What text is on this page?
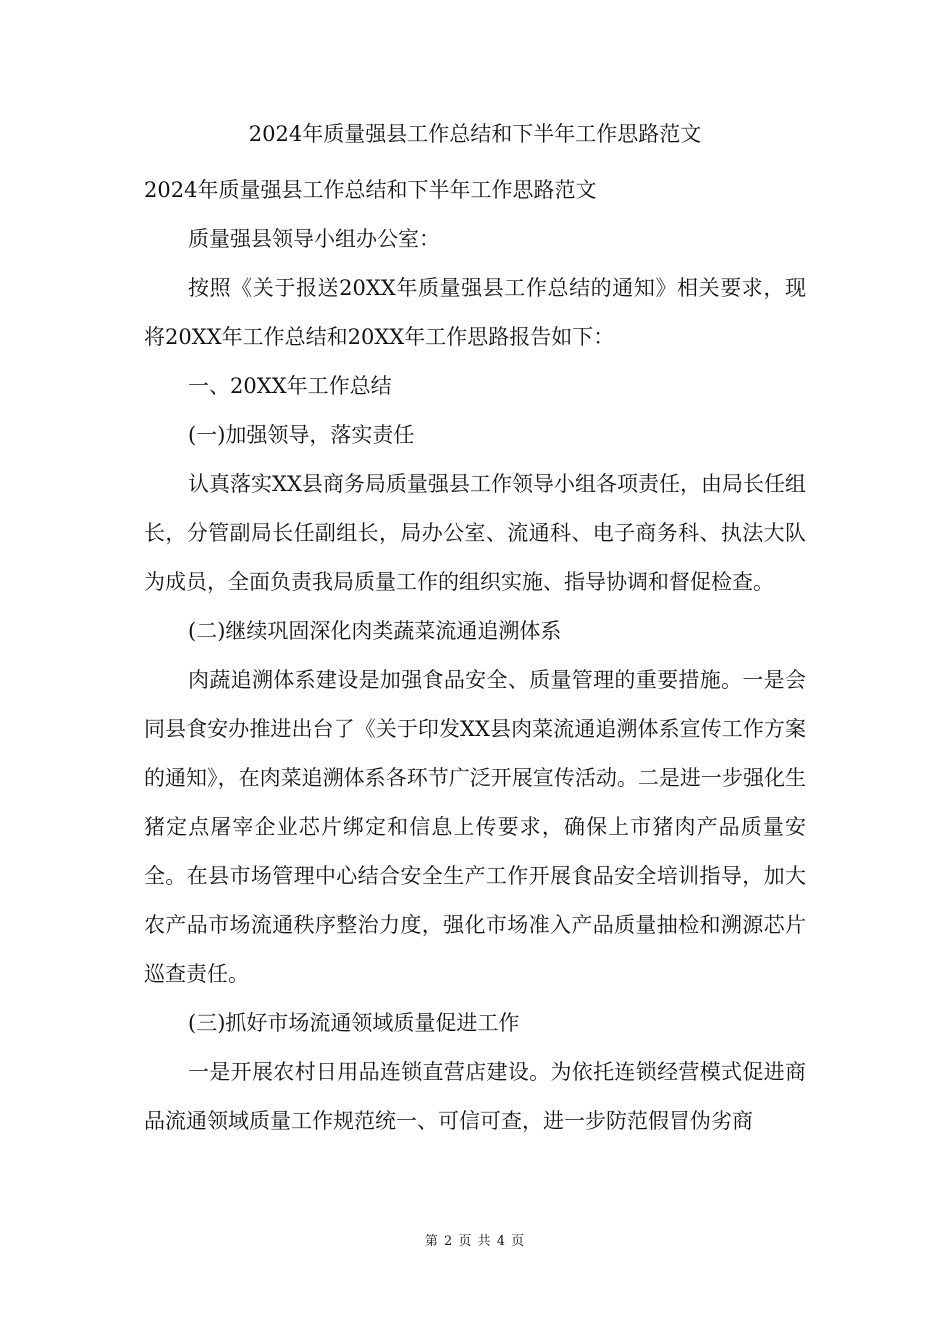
2024年质量强县工作总结和下半年工作思路范文

2024年质量强县工作总结和下半年工作思路范文

质量强县领导小组办公室：

按照《关于报送20XX年质量强县工作总结的通知》相关要求，现将20XX年工作总结和20XX年工作思路报告如下：

一、20XX年工作总结

(一)加强领导，落实责任

认真落实XX县商务局质量强县工作领导小组各项责任，由局长任组长，分管副局长任副组长，局办公室、流通科、电子商务科、执法大队为成员，全面负责我局质量工作的组织实施、指导协调和督促检查。

(二)继续巩固深化肉类蔬菜流通追溯体系

肉蔬追溯体系建设是加强食品安全、质量管理的重要措施。一是会同县食安办推进出台了《关于印发XX县肉菜流通追溯体系宣传工作方案的通知》，在肉菜追溯体系各环节广泛开展宣传活动。二是进一步强化生猪定点屠宰企业芯片绑定和信息上传要求，确保上市猪肉产品质量安全。在县市场管理中心结合安全生产工作开展食品安全培训指导，加大农产品市场流通秩序整治力度，强化市场准入产品质量抽检和溯源芯片巡查责任。

(三)抓好市场流通领域质量促进工作

一是开展农村日用品连锁直营店建设。为依托连锁经营模式促进商品流通领域质量工作规范统一、可信可查，进一步防范假冒伪劣商

第 2 页 共 4 页
